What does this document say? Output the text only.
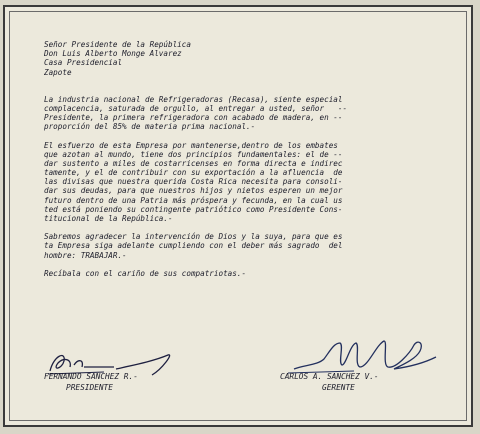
Señor Presidente de la República
Don Luis Alberto Monge Alvarez
Casa Presidencial
Zapote
La industria nacional de Refrigeradoras (Recasa), siente especial
complacencia, saturada de orgullo, al entregar a usted, señor   --
Presidente, la primera refrigeradora con acabado de madera, en --
proporción del 85% de materia prima nacional.-
El esfuerzo de esta Empresa por mantenerse,dentro de los embates
que azotan al mundo, tiene dos principios fundamentales: el de --
dar sustento a miles de costarricenses en forma directa e indirec
tamente, y el de contribuir con su exportación a la afluencia  de
las divisas que nuestra querida Costa Rica necesita para consoli-
dar sus deudas, para que nuestros hijos y nietos esperen un mejor
futuro dentro de una Patria más próspera y fecunda, en la cual us
ted está poniendo su contingente patriótico como Presidente Cons-
titucional de la República.-
Sabremos agradecer la intervención de Dios y la suya, para que es
ta Empresa siga adelante cumpliendo con el deber más sagrado  del
hombre: TRABAJAR.-
Recíbala con el cariño de sus compatriotas.-
FERNANDO SANCHEZ R.-
PRESIDENTE
CARLOS A. SANCHEZ V.-
GERENTE
